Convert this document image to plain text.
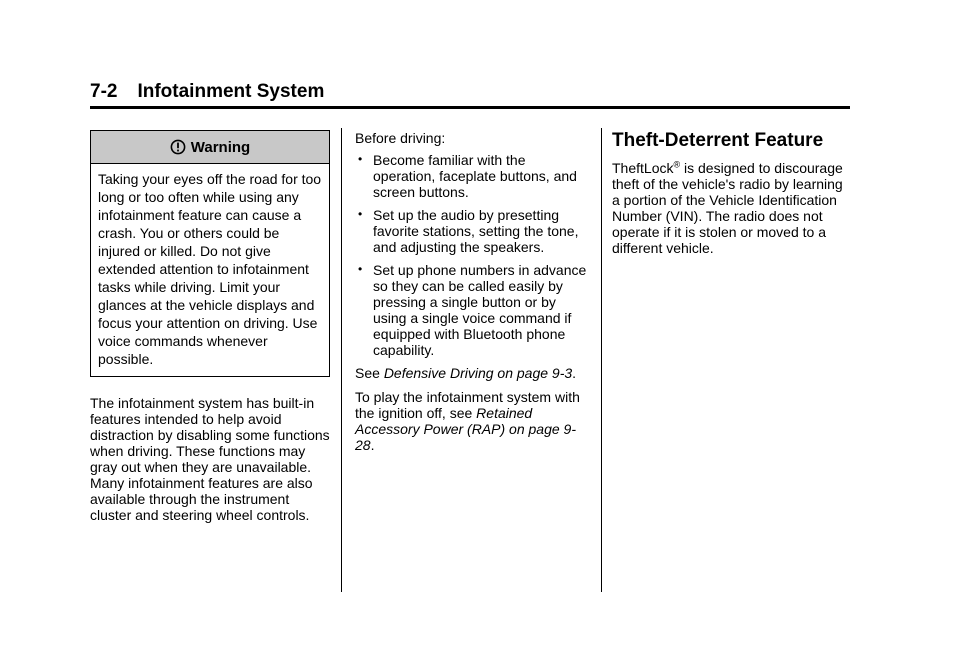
7-2 Infotainment System
Warning
Taking your eyes off the road for too long or too often while using any infotainment feature can cause a crash. You or others could be injured or killed. Do not give extended attention to infotainment tasks while driving. Limit your glances at the vehicle displays and focus your attention on driving. Use voice commands whenever possible.

The infotainment system has built-in features intended to help avoid distraction by disabling some functions when driving. These functions may gray out when they are unavailable. Many infotainment features are also available through the instrument cluster and steering wheel controls.

Before driving:

• Become familiar with the operation, faceplate buttons, and screen buttons.
• Set up the audio by presetting favorite stations, setting the tone, and adjusting the speakers.
• Set up phone numbers in advance so they can be called easily by pressing a single button or by using a single voice command if equipped with Bluetooth phone capability.

See Defensive Driving on page 9-3.

To play the infotainment system with the ignition off, see Retained Accessory Power (RAP) on page 9-28.

Theft-Deterrent Feature

TheftLock® is designed to discourage theft of the vehicle's radio by learning a portion of the Vehicle Identification Number (VIN). The radio does not operate if it is stolen or moved to a different vehicle.
